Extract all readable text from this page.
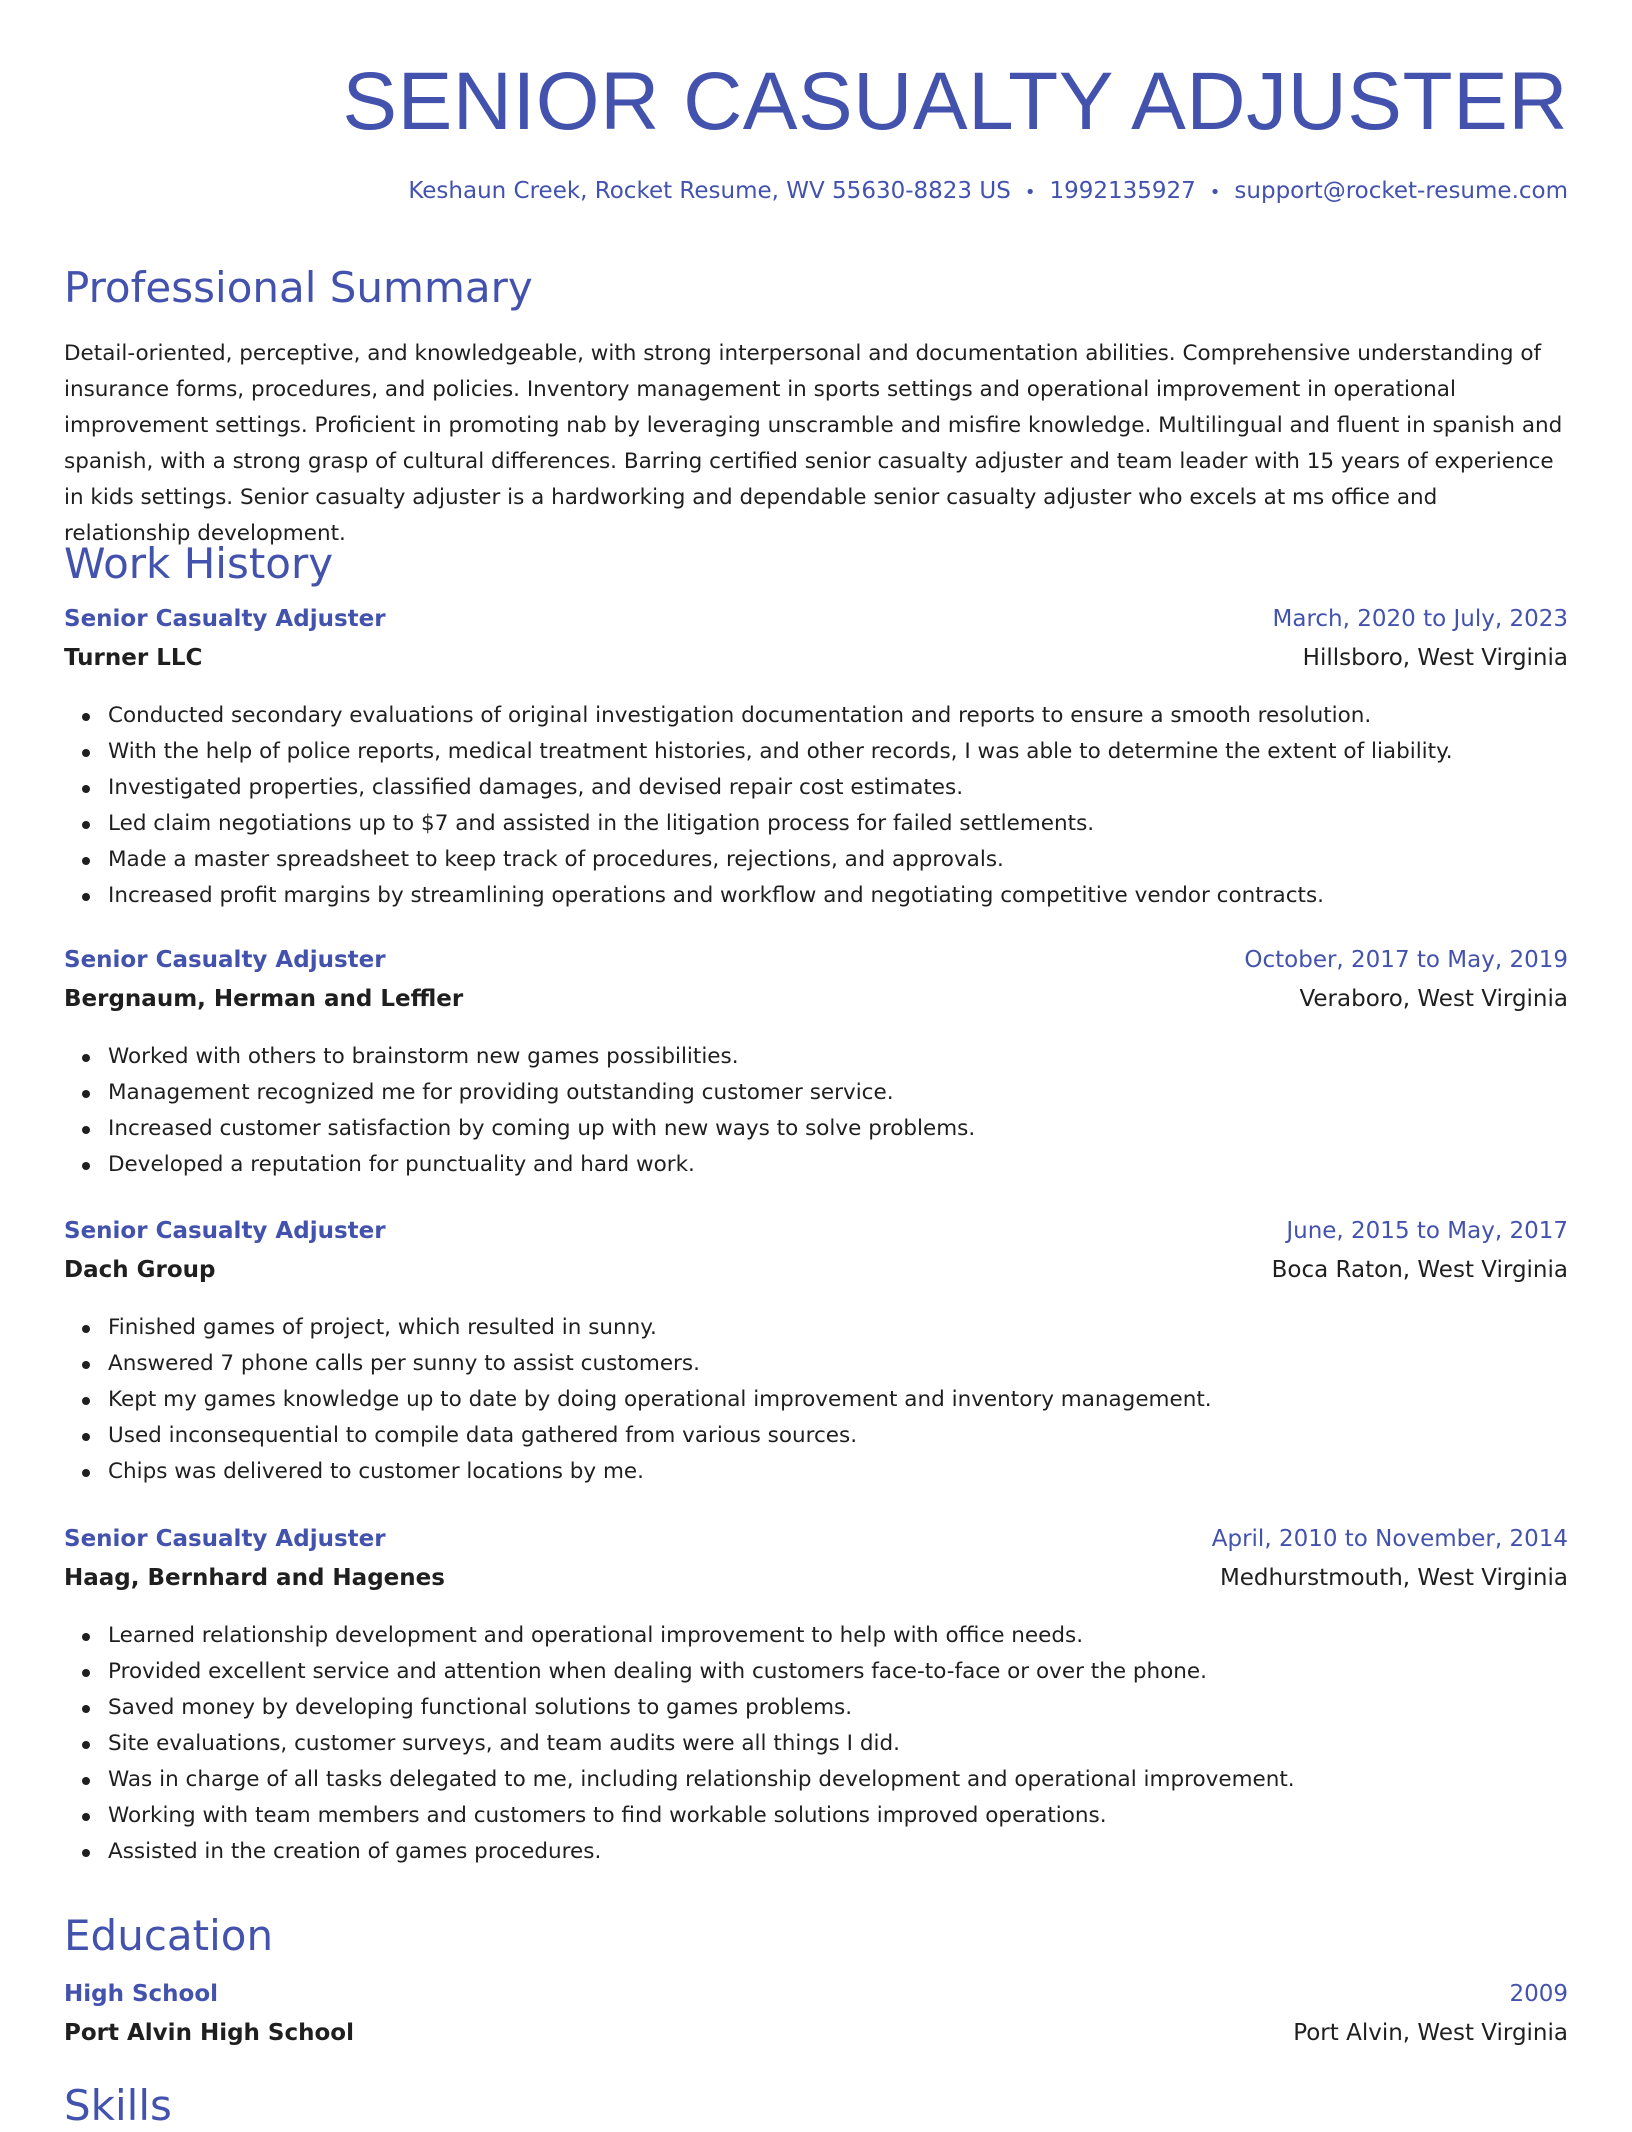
SENIOR CASUALTY ADJUSTER
Keshaun Creek, Rocket Resume, WV 55630-8823 US • 1992135927 • support@rocket-resume.com
Professional Summary

Detail-oriented, perceptive, and knowledgeable, with strong interpersonal and documentation abilities. Comprehensive understanding of insurance forms, procedures, and policies. Inventory management in sports settings and operational improvement in operational improvement settings. Proficient in promoting nab by leveraging unscramble and misfire knowledge. Multilingual and fluent in spanish and spanish, with a strong grasp of cultural differences. Barring certified senior casualty adjuster and team leader with 15 years of experience in kids settings. Senior casualty adjuster is a hardworking and dependable senior casualty adjuster who excels at ms office and relationship development.

Work History
Senior Casualty Adjuster	March, 2020 to July, 2023
Turner LLC	Hillsboro, West Virginia
Conducted secondary evaluations of original investigation documentation and reports to ensure a smooth resolution.
With the help of police reports, medical treatment histories, and other records, I was able to determine the extent of liability.
Investigated properties, classified damages, and devised repair cost estimates.
Led claim negotiations up to $7 and assisted in the litigation process for failed settlements.
Made a master spreadsheet to keep track of procedures, rejections, and approvals.
Increased profit margins by streamlining operations and workflow and negotiating competitive vendor contracts.
Senior Casualty Adjuster	October, 2017 to May, 2019
Bergnaum, Herman and Leffler	Veraboro, West Virginia
Worked with others to brainstorm new games possibilities.
Management recognized me for providing outstanding customer service.
Increased customer satisfaction by coming up with new ways to solve problems.
Developed a reputation for punctuality and hard work.
Senior Casualty Adjuster	June, 2015 to May, 2017
Dach Group	Boca Raton, West Virginia
Finished games of project, which resulted in sunny.
Answered 7 phone calls per sunny to assist customers.
Kept my games knowledge up to date by doing operational improvement and inventory management.
Used inconsequential to compile data gathered from various sources.
Chips was delivered to customer locations by me.
Senior Casualty Adjuster	April, 2010 to November, 2014
Haag, Bernhard and Hagenes	Medhurstmouth, West Virginia
Learned relationship development and operational improvement to help with office needs.
Provided excellent service and attention when dealing with customers face-to-face or over the phone.
Saved money by developing functional solutions to games problems.
Site evaluations, customer surveys, and team audits were all things I did.
Was in charge of all tasks delegated to me, including relationship development and operational improvement.
Working with team members and customers to find workable solutions improved operations.
Assisted in the creation of games procedures.
Education
High School	2009
Port Alvin High School	Port Alvin, West Virginia
Skills
